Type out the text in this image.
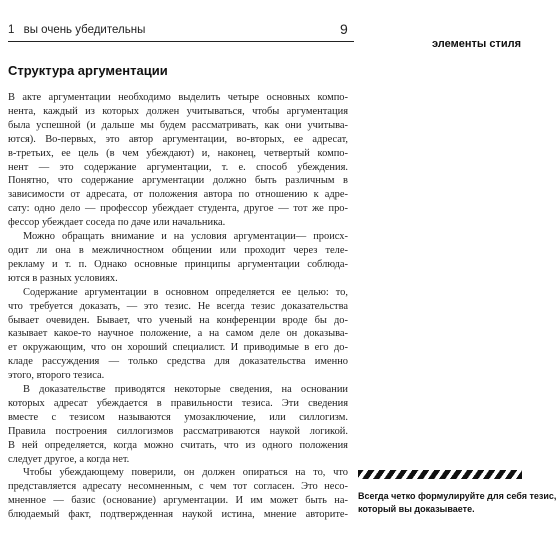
1 вы очень убедительны	9
элементы стиля
Структура аргументации
В акте аргументации необходимо выделить четыре основных компо-
нента, каждый из которых должен учитываться, чтобы аргументация
была успешной (и дальше мы будем рассматривать, как они учитыва-
ются). Во-первых, это автор аргументации, во-вторых, ее адресат,
в-третьих, ее цель (в чем убеждают) и, наконец, четвертый компо-
нент — это содержание аргументации, т. е. способ убеждения.
Понятно, что содержание аргументации должно быть различным в
зависимости от адресата, от положения автора по отношению к адре-
сату: одно дело — профессор убеждает студента, другое — тот же про-
фессор убеждает соседа по даче или начальника.
Можно обращать внимание и на условия аргументации— происх-
одит ли она в межличностном общении или проходит через теле-
рекламу и т. п. Однако основные принципы аргументации соблюда-
ются в разных условиях.
Содержание аргументации в основном определяется ее целью: то,
что требуется доказать, — это тезис. Не всегда тезис доказательства
бывает очевиден. Бывает, что ученый на конференции вроде бы до-
казывает какое-то научное положение, а на самом деле он доказыва-
ет окружающим, что он хороший специалист. И приводимые в его до-
кладе рассуждения — только средства для доказательства именно
этого, второго тезиса.
В доказательстве приводятся некоторые сведения, на основании
которых адресат убеждается в правильности тезиса. Эти сведения
вместе с тезисом называются умозаключение, или силлогизм.
Правила построения силлогизмов рассматриваются наукой логикой.
В ней определяется, когда можно считать, что из одного положения
следует другое, а когда нет.
Чтобы убеждающему поверили, он должен опираться на то, что
представляется адресату несомненным, с чем тот согласен. Это несо-
мненное — базис (основание) аргументации. И им может быть на-
блюдаемый факт, подтвержденная наукой истина, мнение авторите-
Всегда четко формулируйте для себя тезис,
который вы доказываете.
